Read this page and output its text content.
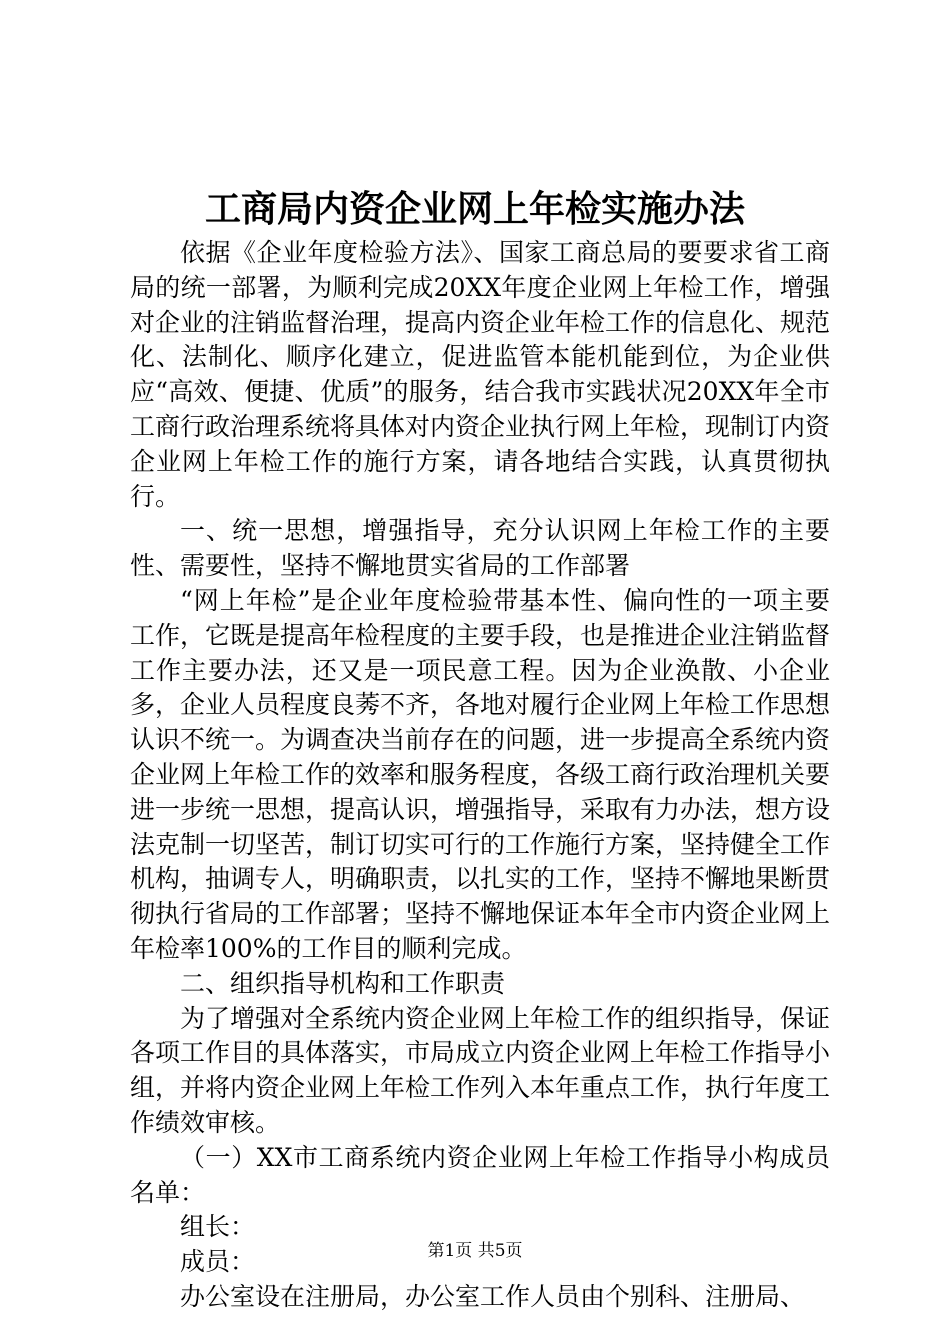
工商局内资企业网上年检实施办法

依据《企业年度检验方法》、国家工商总局的要要求省工商局的统一部署，为顺利完成20XX年度企业网上年检工作，增强对企业的注销监督治理，提高内资企业年检工作的信息化、规范化、法制化、顺序化建立，促进监管本能机能到位，为企业供应“高效、便捷、优质”的服务，结合我市实践状况20XX年全市工商行政治理系统将具体对内资企业执行网上年检，现制订内资企业网上年检工作的施行方案，请各地结合实践，认真贯彻执行。

一、统一思想，增强指导，充分认识网上年检工作的主要性、需要性，坚持不懈地贯实省局的工作部署

“网上年检”是企业年度检验带基本性、偏向性的一项主要工作，它既是提高年检程度的主要手段，也是推进企业注销监督工作主要办法，还又是一项民意工程。因为企业涣散、小企业多，企业人员程度良莠不齐，各地对履行企业网上年检工作思想认识不统一。为调查决当前存在的问题，进一步提高全系统内资企业网上年检工作的效率和服务程度，各级工商行政治理机关要进一步统一思想，提高认识，增强指导，采取有力办法，想方设法克制一切坚苦，制订切实可行的工作施行方案，坚持健全工作机构，抽调专人，明确职责，以扎实的工作，坚持不懈地果断贯彻执行省局的工作部署；坚持不懈地保证本年全市内资企业网上年检率100%的工作目的顺利完成。

二、组织指导机构和工作职责

为了增强对全系统内资企业网上年检工作的组织指导，保证各项工作目的具体落实，市局成立内资企业网上年检工作指导小组，并将内资企业网上年检工作列入本年重点工作，执行年度工作绩效审核。

（一）XX市工商系统内资企业网上年检工作指导小构成员名单：

组长：

成员：

办公室设在注册局，办公室工作人员由个别科、注册局、

第1页 共5页
